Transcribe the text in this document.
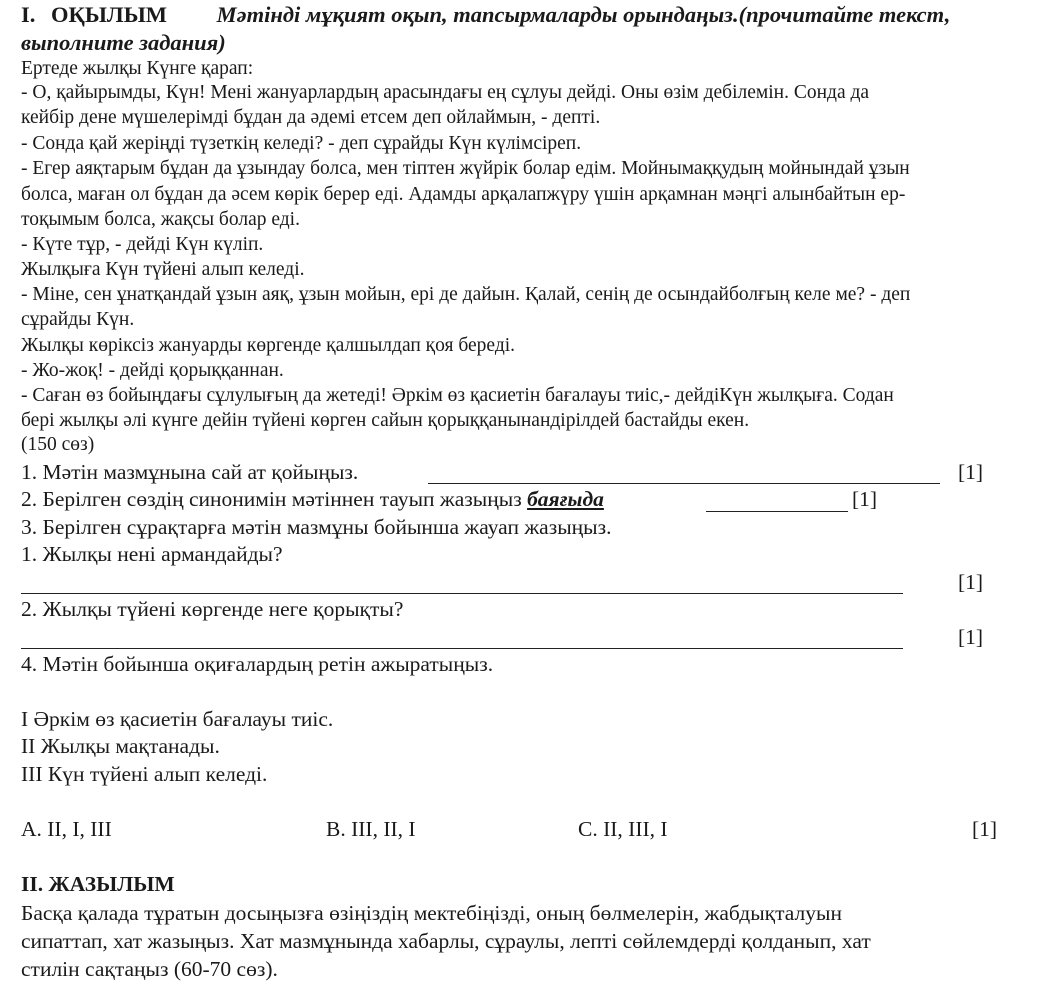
I. ОҚЫЛЫМ Мәтінді мұқият оқып, тапсырмаларды орындаңыз.(прочитайте текст,
выполните задания)
Ертеде жылқы Күнге қарап:
- О, қайырымды, Күн! Мені жануарлардың арасындағы ең сұлуы дейді. Оны өзім дебілемін. Сонда да
кейбір дене мүшелерімді бұдан да әдемі етсем деп ойлаймын, - депті.
- Сонда қай жеріңді түзеткің келеді? - деп сұрайды Күн күлімсіреп.
- Егер аяқтарым бұдан да ұзындау болса, мен тіптен жүйрік болар едім. Мойнымаққудың мойнындай ұзын
болса, маған ол бұдан да әсем көрік берер еді. Адамды арқалапжүру үшін арқамнан мәңгі алынбайтын ер-
тоқымым болса, жақсы болар еді.
- Күте тұр, - дейді Күн күліп.
Жылқыға Күн түйені алып келеді.
- Міне, сен ұнатқандай ұзын аяқ, ұзын мойын, ері де дайын. Қалай, сенің де осындайболғың келе ме? - деп
сұрайды Күн.
Жылқы көріксіз жануарды көргенде қалшылдап қоя береді.
- Жо-жоқ! - дейді қорыққаннан.
- Саған өз бойыңдағы сұлулығың да жетеді! Әркім өз қасиетін бағалауы тиіс,- дейдіКүн жылқыға. Содан
бері жылқы әлі күнге дейін түйені көрген сайын қорыққанынандірілдей бастайды екен.
(150 сөз)
1. Мәтін мазмұнына сай ат қойыңыз.	[1]
2. Берілген сөздің синонимін мәтіннен тауып жазыңыз баяғыда	[1]
3. Берілген сұрақтарға мәтін мазмұны бойынша жауап жазыңыз.
1. Жылқы нені армандайды?
[1]
2. Жылқы түйені көргенде неге қорықты?
[1]
4. Мәтін бойынша оқиғалардың ретін ажыратыңыз.
I Әркім өз қасиетін бағалауы тиіс.
II Жылқы мақтанады.
III Күн түйені алып келеді.
A. II, I, III	B. III, II, I	C. II, III, I	[1]
II. ЖАЗЫЛЫМ
Басқа қалада тұратын досыңызға өзіңіздің мектебіңізді, оның бөлмелерін, жабдықталуын
сипаттап, хат жазыңыз. Хат мазмұнында хабарлы, сұраулы, лепті сөйлемдерді қолданып, хат
стилін сақтаңыз (60-70 сөз).
